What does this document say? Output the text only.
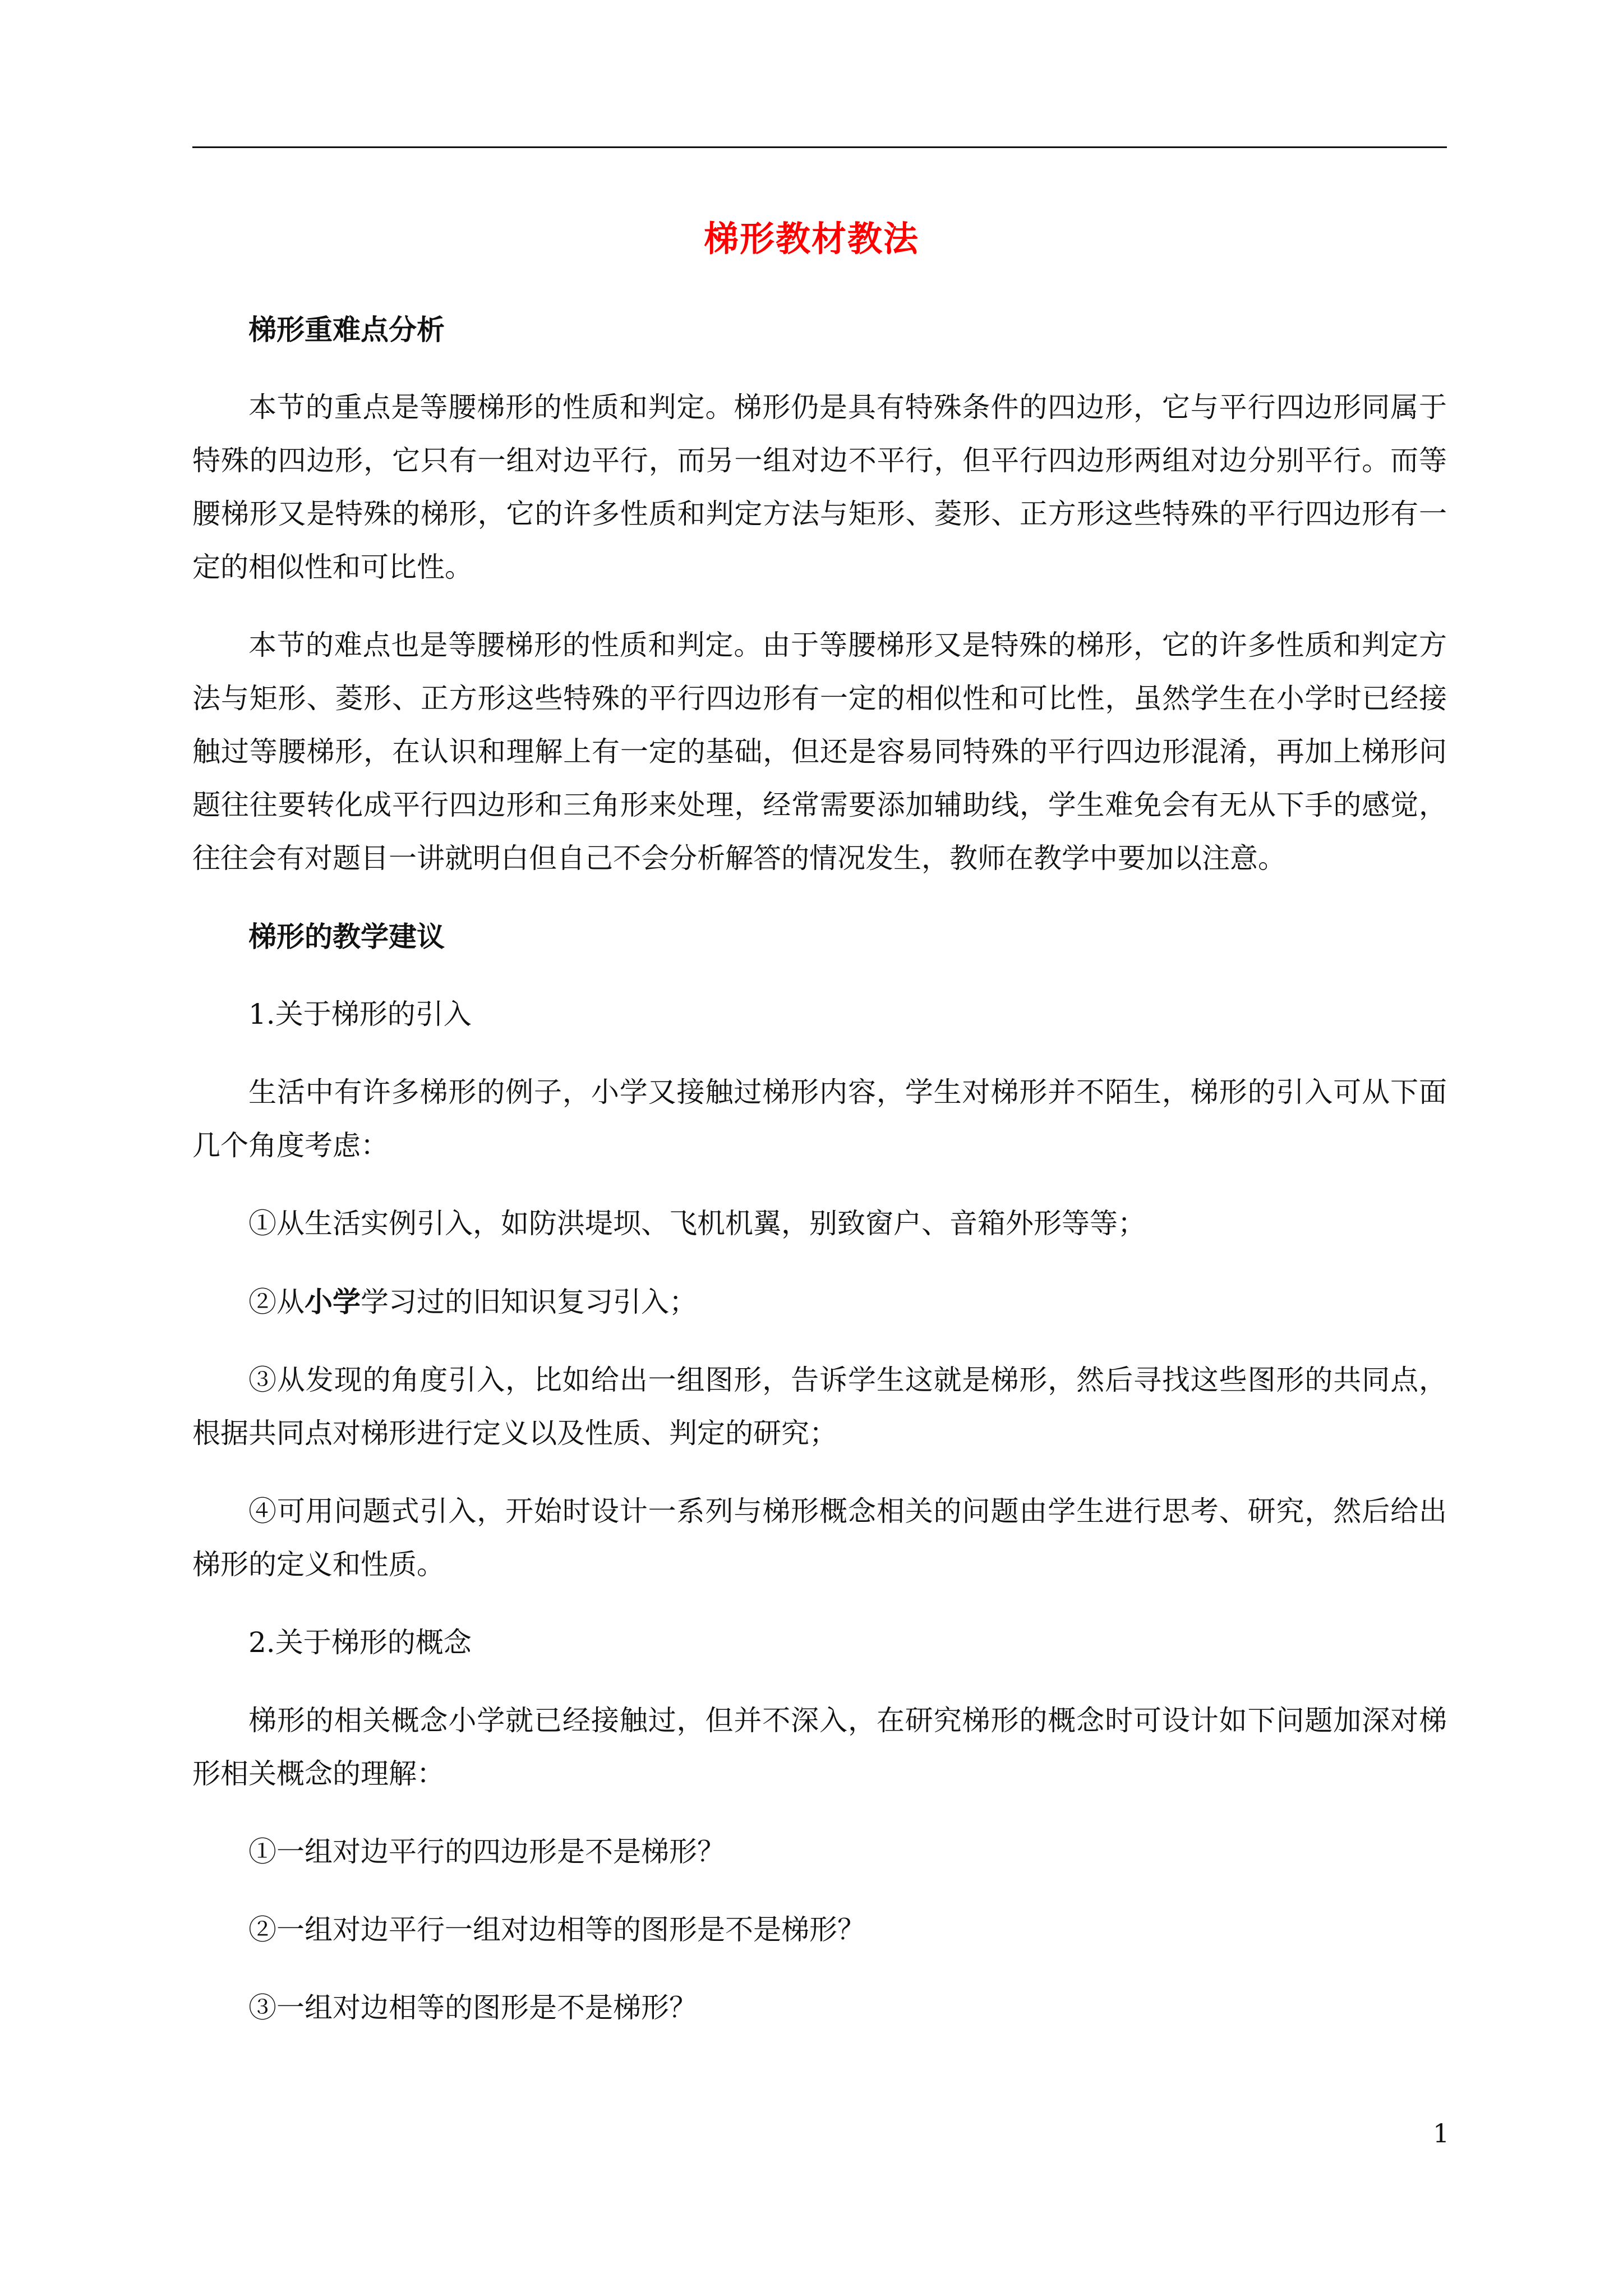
梯形教材教法

梯形重难点分析

本节的重点是等腰梯形的性质和判定。梯形仍是具有特殊条件的四边形，它与平行四边形同属于特殊的四边形，它只有一组对边平行，而另一组对边不平行，但平行四边形两组对边分别平行。而等腰梯形又是特殊的梯形，它的许多性质和判定方法与矩形、菱形、正方形这些特殊的平行四边形有一定的相似性和可比性。

本节的难点也是等腰梯形的性质和判定。由于等腰梯形又是特殊的梯形，它的许多性质和判定方法与矩形、菱形、正方形这些特殊的平行四边形有一定的相似性和可比性，虽然学生在小学时已经接触过等腰梯形，在认识和理解上有一定的基础，但还是容易同特殊的平行四边形混淆，再加上梯形问题往往要转化成平行四边形和三角形来处理，经常需要添加辅助线，学生难免会有无从下手的感觉，往往会有对题目一讲就明白但自己不会分析解答的情况发生，教师在教学中要加以注意。

梯形的教学建议

1.关于梯形的引入

生活中有许多梯形的例子，小学又接触过梯形内容，学生对梯形并不陌生，梯形的引入可从下面几个角度考虑：

①从生活实例引入，如防洪堤坝、飞机机翼，别致窗户、音箱外形等等；

②从小学学习过的旧知识复习引入；

③从发现的角度引入，比如给出一组图形，告诉学生这就是梯形，然后寻找这些图形的共同点，根据共同点对梯形进行定义以及性质、判定的研究；

④可用问题式引入，开始时设计一系列与梯形概念相关的问题由学生进行思考、研究，然后给出梯形的定义和性质。

2.关于梯形的概念

梯形的相关概念小学就已经接触过，但并不深入，在研究梯形的概念时可设计如下问题加深对梯形相关概念的理解：

①一组对边平行的四边形是不是梯形？

②一组对边平行一组对边相等的图形是不是梯形？

③一组对边相等的图形是不是梯形？

1
